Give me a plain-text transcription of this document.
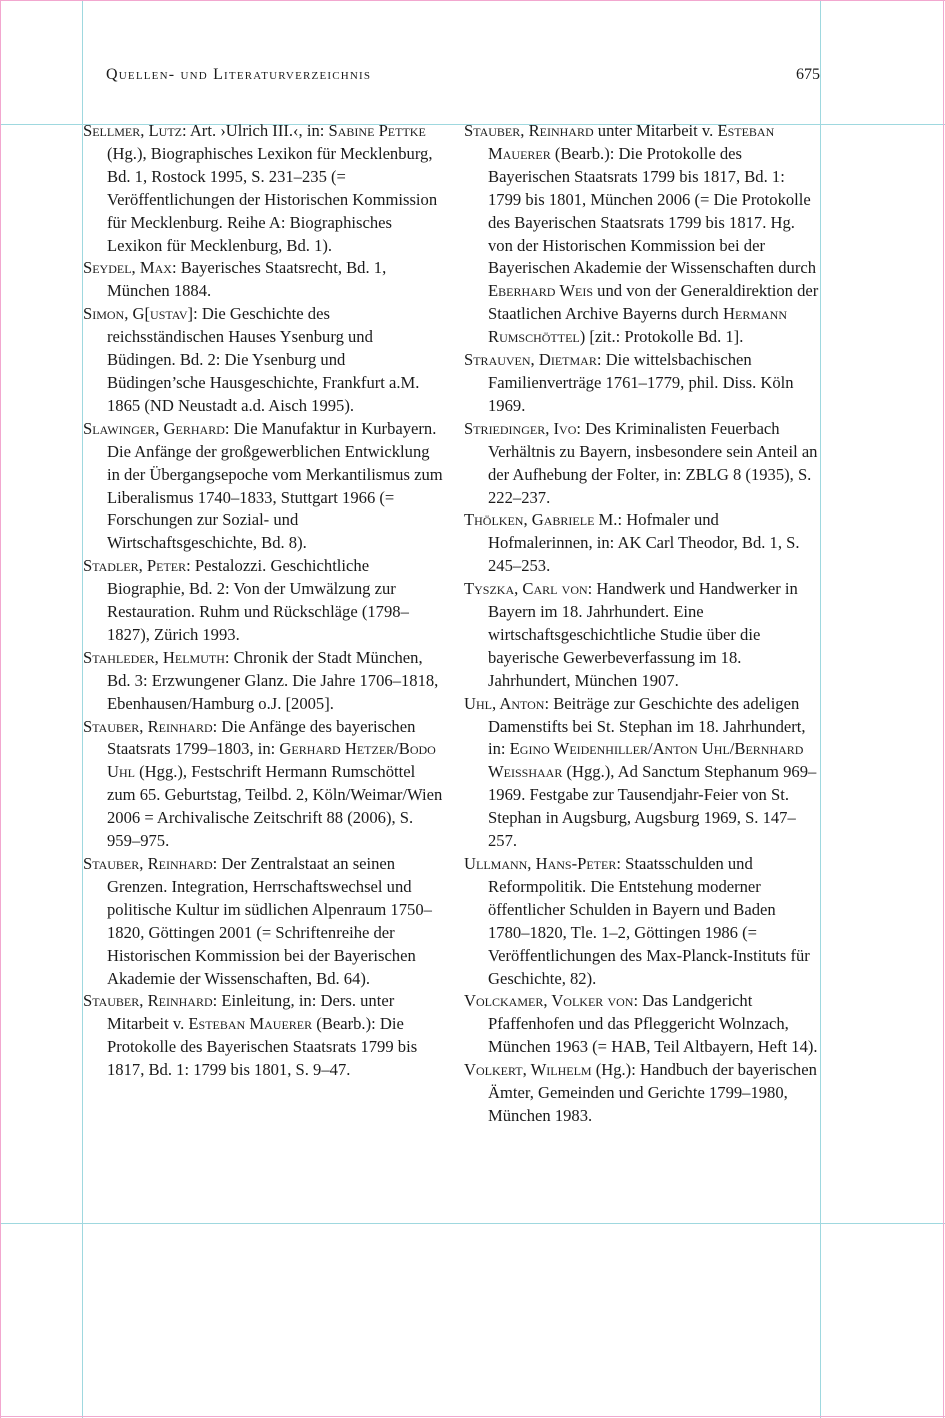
Quellen- und Literaturverzeichnis	675
Sellmer, Lutz: Art. ›Ulrich III.‹, in: Sabine Pettke (Hg.), Biographisches Lexikon für Mecklenburg, Bd. 1, Rostock 1995, S. 231–235 (= Veröffentlichungen der Historischen Kommission für Mecklenburg. Reihe A: Biographisches Lexikon für Mecklenburg, Bd. 1).
Seydel, Max: Bayerisches Staatsrecht, Bd. 1, München 1884.
Simon, G[ustav]: Die Geschichte des reichsständischen Hauses Ysenburg und Büdingen. Bd. 2: Die Ysenburg und Büdingen’sche Hausgeschichte, Frankfurt a.M. 1865 (ND Neustadt a.d. Aisch 1995).
Slawinger, Gerhard: Die Manufaktur in Kurbayern. Die Anfänge der großgewerblichen Entwicklung in der Übergangsepoche vom Merkantilismus zum Liberalismus 1740–1833, Stuttgart 1966 (= Forschungen zur Sozial- und Wirtschaftsgeschichte, Bd. 8).
Stadler, Peter: Pestalozzi. Geschichtliche Biographie, Bd. 2: Von der Umwälzung zur Restauration. Ruhm und Rückschläge (1798–1827), Zürich 1993.
Stahleder, Helmuth: Chronik der Stadt München, Bd. 3: Erzwungener Glanz. Die Jahre 1706–1818, Ebenhausen/Hamburg o.J. [2005].
Stauber, Reinhard: Die Anfänge des bayerischen Staatsrats 1799–1803, in: Gerhard Hetzer/Bodo Uhl (Hgg.), Festschrift Hermann Rumschöttel zum 65. Geburtstag, Teilbd. 2, Köln/Weimar/Wien 2006 = Archivalische Zeitschrift 88 (2006), S. 959–975.
Stauber, Reinhard: Der Zentralstaat an seinen Grenzen. Integration, Herrschaftswechsel und politische Kultur im südlichen Alpenraum 1750–1820, Göttingen 2001 (= Schriftenreihe der Historischen Kommission bei der Bayerischen Akademie der Wissenschaften, Bd. 64).
Stauber, Reinhard: Einleitung, in: Ders. unter Mitarbeit v. Esteban Mauerer (Bearb.): Die Protokolle des Bayerischen Staatsrats 1799 bis 1817, Bd. 1: 1799 bis 1801, S. 9–47.
Stauber, Reinhard unter Mitarbeit v. Esteban Mauerer (Bearb.): Die Protokolle des Bayerischen Staatsrats 1799 bis 1817, Bd. 1: 1799 bis 1801, München 2006 (= Die Protokolle des Bayerischen Staatsrats 1799 bis 1817. Hg. von der Historischen Kommission bei der Bayerischen Akademie der Wissenschaften durch Eberhard Weis und von der Generaldirektion der Staatlichen Archive Bayerns durch Hermann Rumschöttel) [zit.: Protokolle Bd. 1].
Strauven, Dietmar: Die wittelsbachischen Familienverträge 1761–1779, phil. Diss. Köln 1969.
Striedinger, Ivo: Des Kriminalisten Feuerbach Verhältnis zu Bayern, insbesondere sein Anteil an der Aufhebung der Folter, in: ZBLG 8 (1935), S. 222–237.
Thölken, Gabriele M.: Hofmaler und Hofmalerinnen, in: AK Carl Theodor, Bd. 1, S. 245–253.
Tyszka, Carl von: Handwerk und Handwerker in Bayern im 18. Jahrhundert. Eine wirtschaftsgeschichtliche Studie über die bayerische Gewerbeverfassung im 18. Jahrhundert, München 1907.
Uhl, Anton: Beiträge zur Geschichte des adeligen Damenstifts bei St. Stephan im 18. Jahrhundert, in: Egino Weidenhiller/Anton Uhl/Bernhard Weisshaar (Hgg.), Ad Sanctum Stephanum 969–1969. Festgabe zur Tausendjahr-Feier von St. Stephan in Augsburg, Augsburg 1969, S. 147–257.
Ullmann, Hans-Peter: Staatsschulden und Reformpolitik. Die Entstehung moderner öffentlicher Schulden in Bayern und Baden 1780–1820, Tle. 1–2, Göttingen 1986 (= Veröffentlichungen des Max-Planck-Instituts für Geschichte, 82).
Volckamer, Volker von: Das Landgericht Pfaffenhofen und das Pfleggericht Wolnzach, München 1963 (= HAB, Teil Altbayern, Heft 14).
Volkert, Wilhelm (Hg.): Handbuch der bayerischen Ämter, Gemeinden und Gerichte 1799–1980, München 1983.
